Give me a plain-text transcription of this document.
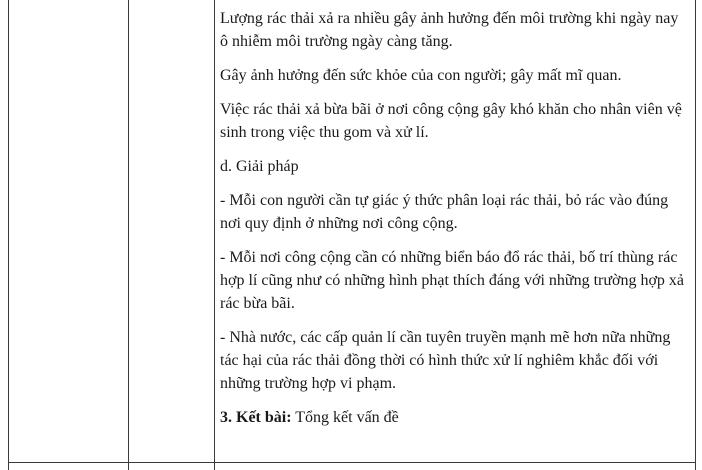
Lượng rác thải xả ra nhiều gây ảnh hưởng đến môi trường khi ngày nay ô nhiễm môi trường ngày càng tăng.

Gây ảnh hưởng đến sức khỏe của con người; gây mất mĩ quan.

Việc rác thải xả bừa bãi ở nơi công cộng gây khó khăn cho nhân viên vệ sinh trong việc thu gom và xử lí.

d. Giải pháp

- Mỗi con người cần tự giác ý thức phân loại rác thải, bỏ rác vào đúng nơi quy định ở những nơi công cộng.

- Mỗi nơi công cộng cần có những biển báo đổ rác thải, bố trí thùng rác hợp lí cũng như có những hình phạt thích đáng với những trường hợp xả rác bừa bãi.

- Nhà nước, các cấp quản lí cần tuyên truyền mạnh mẽ hơn nữa những tác hại của rác thải đồng thời có hình thức xử lí nghiêm khắc đối với những trường hợp vi phạm.

3. Kết bài: Tổng kết vấn đề
